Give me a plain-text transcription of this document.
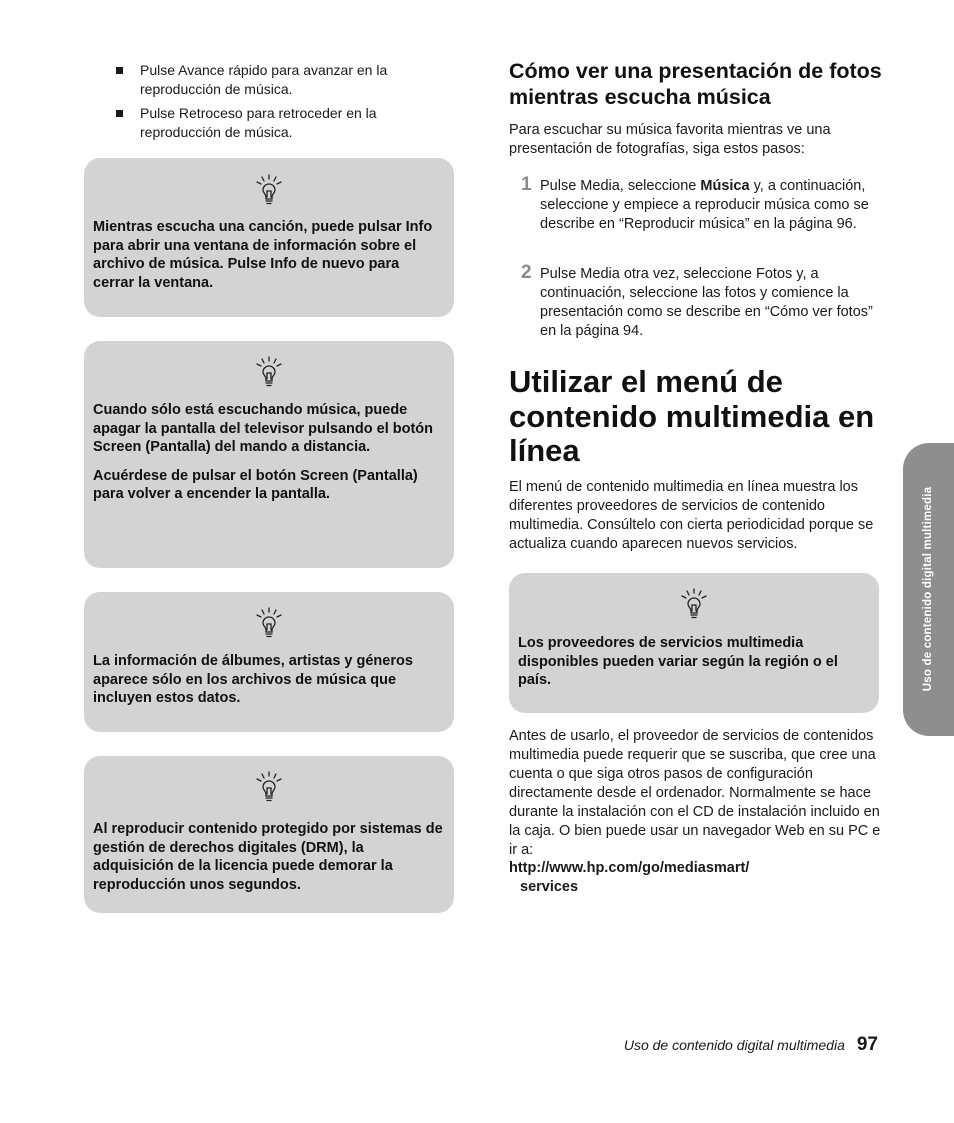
Pulse Avance rápido para avanzar en la reproducción de música.
Pulse Retroceso para retroceder en la reproducción de música.

Mientras escucha una canción, puede pulsar Info para abrir una ventana de información sobre el archivo de música. Pulse Info de nuevo para cerrar la ventana.

Cuando sólo está escuchando música, puede apagar la pantalla del televisor pulsando el botón Screen (Pantalla) del mando a distancia.

Acuérdese de pulsar el botón Screen (Pantalla) para volver a encender la pantalla.

La información de álbumes, artistas y géneros aparece sólo en los archivos de música que incluyen estos datos.

Al reproducir contenido protegido por sistemas de gestión de derechos digitales (DRM), la adquisición de la licencia puede demorar la reproducción unos segundos.

Cómo ver una presentación de fotos mientras escucha música

Para escuchar su música favorita mientras ve una presentación de fotografías, siga estos pasos:

1 Pulse Media, seleccione Música y, a continuación, seleccione y empiece a reproducir música como se describe en “Reproducir música” en la página 96.
2 Pulse Media otra vez, seleccione Fotos y, a continuación, seleccione las fotos y comience la presentación como se describe en “Cómo ver fotos” en la página 94.
Utilizar el menú de contenido multimedia en línea

El menú de contenido multimedia en línea muestra los diferentes proveedores de servicios de contenido multimedia. Consúltelo con cierta periodicidad porque se actualiza cuando aparecen nuevos servicios.

Los proveedores de servicios multimedia disponibles pueden variar según la región o el país.

Antes de usarlo, el proveedor de servicios de contenidos multimedia puede requerir que se suscriba, que cree una cuenta o que siga otros pasos de configuración directamente desde el ordenador. Normalmente se hace durante la instalación con el CD de instalación incluido en la caja. O bien puede usar un navegador Web en su PC e ir a:

http://www.hp.com/go/mediasmart/
services
Uso de contenido digital multimedia
Uso de contenido digital multimedia 97
